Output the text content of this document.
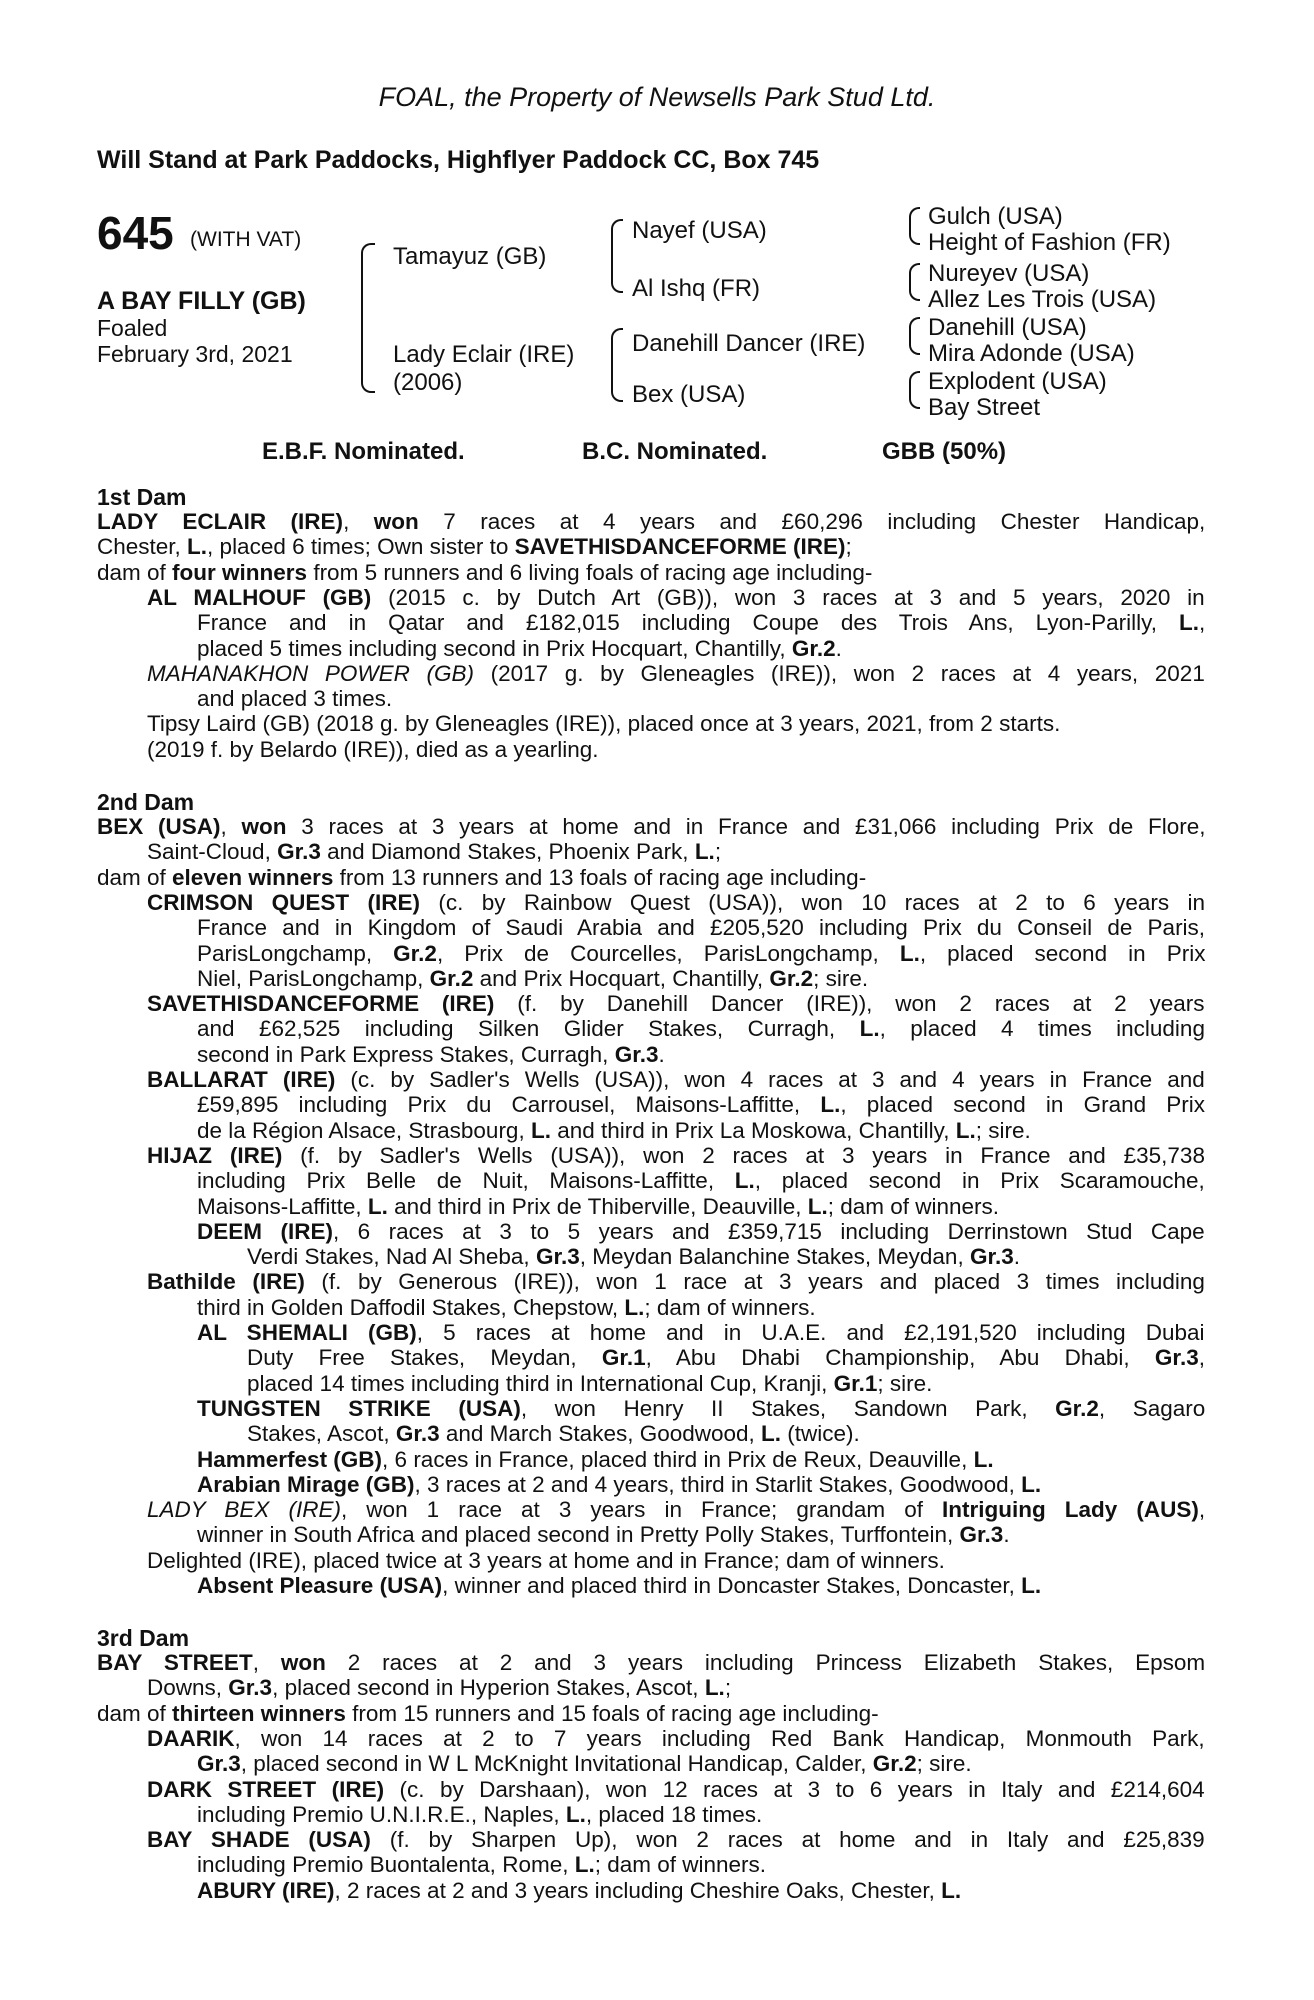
FOAL, the Property of Newsells Park Stud Ltd.
Will Stand at Park Paddocks, Highflyer Paddock CC, Box 745
645 (WITH VAT)
A BAY FILLY (GB)
Foaled
February 3rd, 2021
Tamayuz (GB)
Lady Eclair (IRE)
(2006)
Nayef (USA)
Al Ishq (FR)
Danehill Dancer (IRE)
Bex (USA)
Gulch (USA)
Height of Fashion (FR)
Nureyev (USA)
Allez Les Trois (USA)
Danehill (USA)
Mira Adonde (USA)
Explodent (USA)
Bay Street
E.B.F. Nominated.	B.C. Nominated.	GBB (50%)
1st Dam
LADY ECLAIR (IRE), won 7 races at 4 years and £60,296 including Chester Handicap,
Chester, L., placed 6 times; Own sister to SAVETHISDANCEFORME (IRE);
dam of four winners from 5 runners and 6 living foals of racing age including-
AL MALHOUF (GB) (2015 c. by Dutch Art (GB)), won 3 races at 3 and 5 years, 2020 in
France and in Qatar and £182,015 including Coupe des Trois Ans, Lyon-Parilly, L.,
placed 5 times including second in Prix Hocquart, Chantilly, Gr.2.
MAHANAKHON POWER (GB) (2017 g. by Gleneagles (IRE)), won 2 races at 4 years, 2021
and placed 3 times.
Tipsy Laird (GB) (2018 g. by Gleneagles (IRE)), placed once at 3 years, 2021, from 2 starts.
(2019 f. by Belardo (IRE)), died as a yearling.
2nd Dam
BEX (USA), won 3 races at 3 years at home and in France and £31,066 including Prix de Flore,
Saint-Cloud, Gr.3 and Diamond Stakes, Phoenix Park, L.;
dam of eleven winners from 13 runners and 13 foals of racing age including-
CRIMSON QUEST (IRE) (c. by Rainbow Quest (USA)), won 10 races at 2 to 6 years in
France and in Kingdom of Saudi Arabia and £205,520 including Prix du Conseil de Paris,
ParisLongchamp, Gr.2, Prix de Courcelles, ParisLongchamp, L., placed second in Prix
Niel, ParisLongchamp, Gr.2 and Prix Hocquart, Chantilly, Gr.2; sire.
SAVETHISDANCEFORME (IRE) (f. by Danehill Dancer (IRE)), won 2 races at 2 years
and £62,525 including Silken Glider Stakes, Curragh, L., placed 4 times including
second in Park Express Stakes, Curragh, Gr.3.
BALLARAT (IRE) (c. by Sadler's Wells (USA)), won 4 races at 3 and 4 years in France and
£59,895 including Prix du Carrousel, Maisons-Laffitte, L., placed second in Grand Prix
de la Région Alsace, Strasbourg, L. and third in Prix La Moskowa, Chantilly, L.; sire.
HIJAZ (IRE) (f. by Sadler's Wells (USA)), won 2 races at 3 years in France and £35,738
including Prix Belle de Nuit, Maisons-Laffitte, L., placed second in Prix Scaramouche,
Maisons-Laffitte, L. and third in Prix de Thiberville, Deauville, L.; dam of winners.
DEEM (IRE), 6 races at 3 to 5 years and £359,715 including Derrinstown Stud Cape
Verdi Stakes, Nad Al Sheba, Gr.3, Meydan Balanchine Stakes, Meydan, Gr.3.
Bathilde (IRE) (f. by Generous (IRE)), won 1 race at 3 years and placed 3 times including
third in Golden Daffodil Stakes, Chepstow, L.; dam of winners.
AL SHEMALI (GB), 5 races at home and in U.A.E. and £2,191,520 including Dubai
Duty Free Stakes, Meydan, Gr.1, Abu Dhabi Championship, Abu Dhabi, Gr.3,
placed 14 times including third in International Cup, Kranji, Gr.1; sire.
TUNGSTEN STRIKE (USA), won Henry II Stakes, Sandown Park, Gr.2, Sagaro
Stakes, Ascot, Gr.3 and March Stakes, Goodwood, L. (twice).
Hammerfest (GB), 6 races in France, placed third in Prix de Reux, Deauville, L.
Arabian Mirage (GB), 3 races at 2 and 4 years, third in Starlit Stakes, Goodwood, L.
LADY BEX (IRE), won 1 race at 3 years in France; grandam of Intriguing Lady (AUS),
winner in South Africa and placed second in Pretty Polly Stakes, Turffontein, Gr.3.
Delighted (IRE), placed twice at 3 years at home and in France; dam of winners.
Absent Pleasure (USA), winner and placed third in Doncaster Stakes, Doncaster, L.
3rd Dam
BAY STREET, won 2 races at 2 and 3 years including Princess Elizabeth Stakes, Epsom
Downs, Gr.3, placed second in Hyperion Stakes, Ascot, L.;
dam of thirteen winners from 15 runners and 15 foals of racing age including-
DAARIK, won 14 races at 2 to 7 years including Red Bank Handicap, Monmouth Park,
Gr.3, placed second in W L McKnight Invitational Handicap, Calder, Gr.2; sire.
DARK STREET (IRE) (c. by Darshaan), won 12 races at 3 to 6 years in Italy and £214,604
including Premio U.N.I.R.E., Naples, L., placed 18 times.
BAY SHADE (USA) (f. by Sharpen Up), won 2 races at home and in Italy and £25,839
including Premio Buontalenta, Rome, L.; dam of winners.
ABURY (IRE), 2 races at 2 and 3 years including Cheshire Oaks, Chester, L.
